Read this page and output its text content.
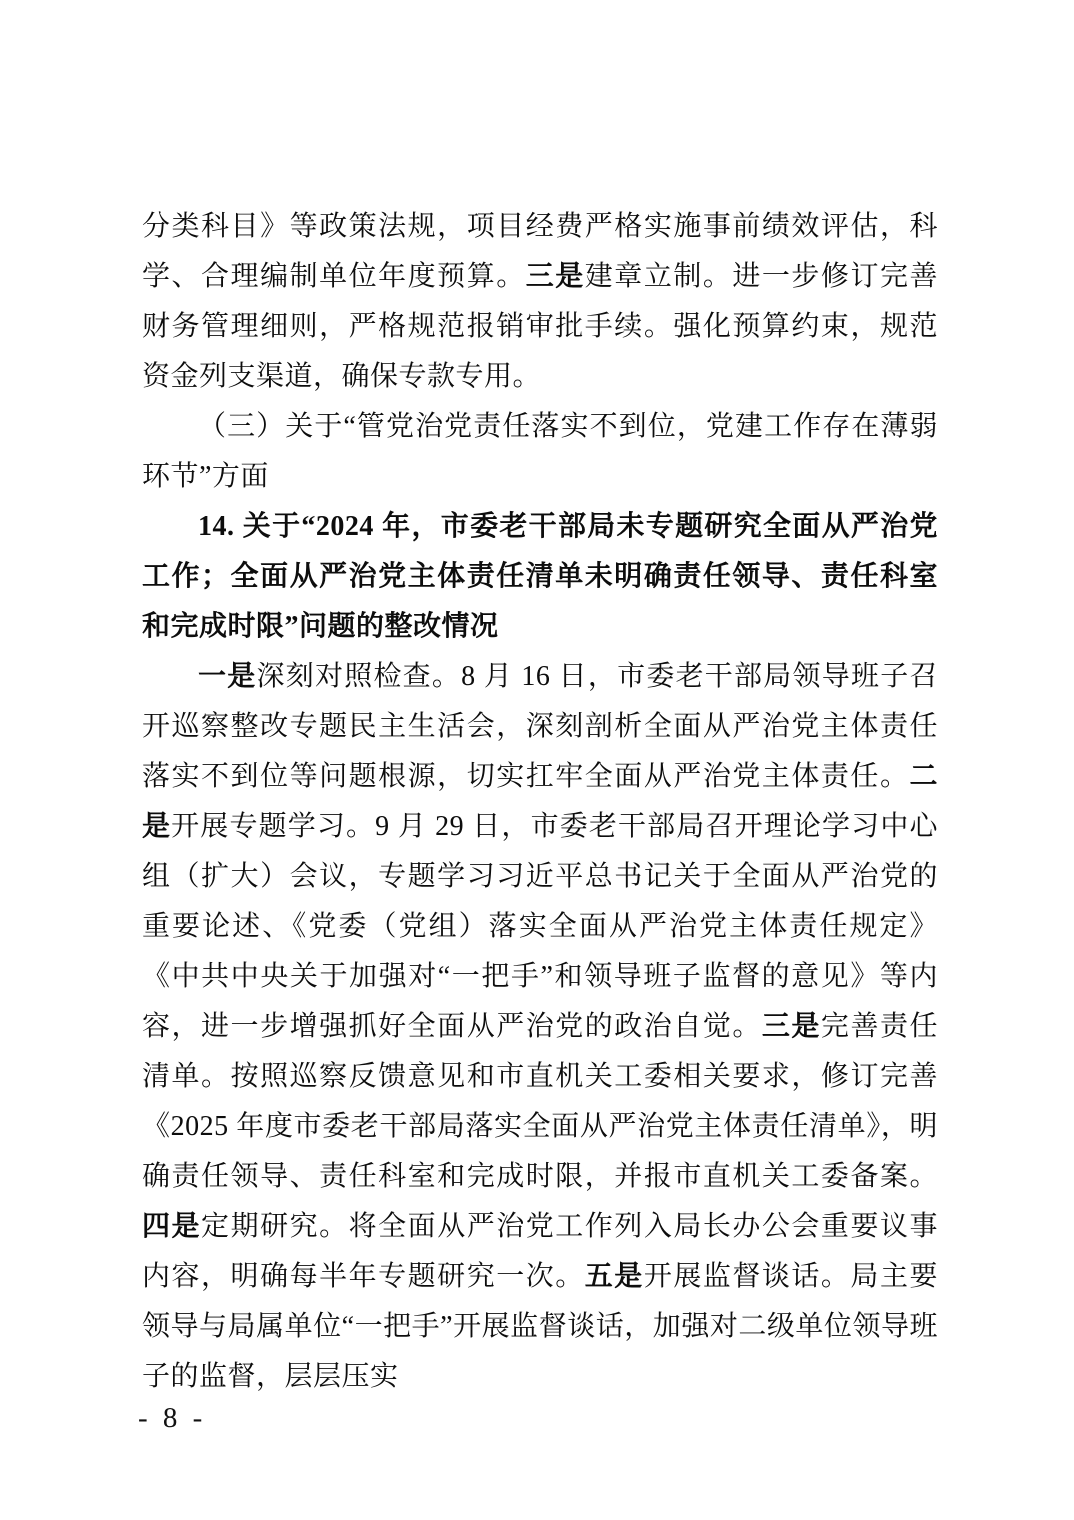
分类科目》等政策法规，项目经费严格实施事前绩效评估，科学、合理编制单位年度预算。三是建章立制。进一步修订完善财务管理细则，严格规范报销审批手续。强化预算约束，规范资金列支渠道，确保专款专用。

（三）关于“管党治党责任落实不到位，党建工作存在薄弱环节”方面

14. 关于“2024 年，市委老干部局未专题研究全面从严治党工作；全面从严治党主体责任清单未明确责任领导、责任科室和完成时限”问题的整改情况

一是深刻对照检查。8 月 16 日，市委老干部局领导班子召开巡察整改专题民主生活会，深刻剖析全面从严治党主体责任落实不到位等问题根源，切实扛牢全面从严治党主体责任。二是开展专题学习。9 月 29 日，市委老干部局召开理论学习中心组（扩大）会议，专题学习习近平总书记关于全面从严治党的重要论述、《党委（党组）落实全面从严治党主体责任规定》《中共中央关于加强对“一把手”和领导班子监督的意见》等内容，进一步增强抓好全面从严治党的政治自觉。三是完善责任清单。按照巡察反馈意见和市直机关工委相关要求，修订完善《2025 年度市委老干部局落实全面从严治党主体责任清单》，明确责任领导、责任科室和完成时限，并报市直机关工委备案。四是定期研究。将全面从严治党工作列入局长办公会重要议事内容，明确每半年专题研究一次。五是开展监督谈话。局主要领导与局属单位“一把手”开展监督谈话，加强对二级单位领导班子的监督，层层压实

- 8 -
